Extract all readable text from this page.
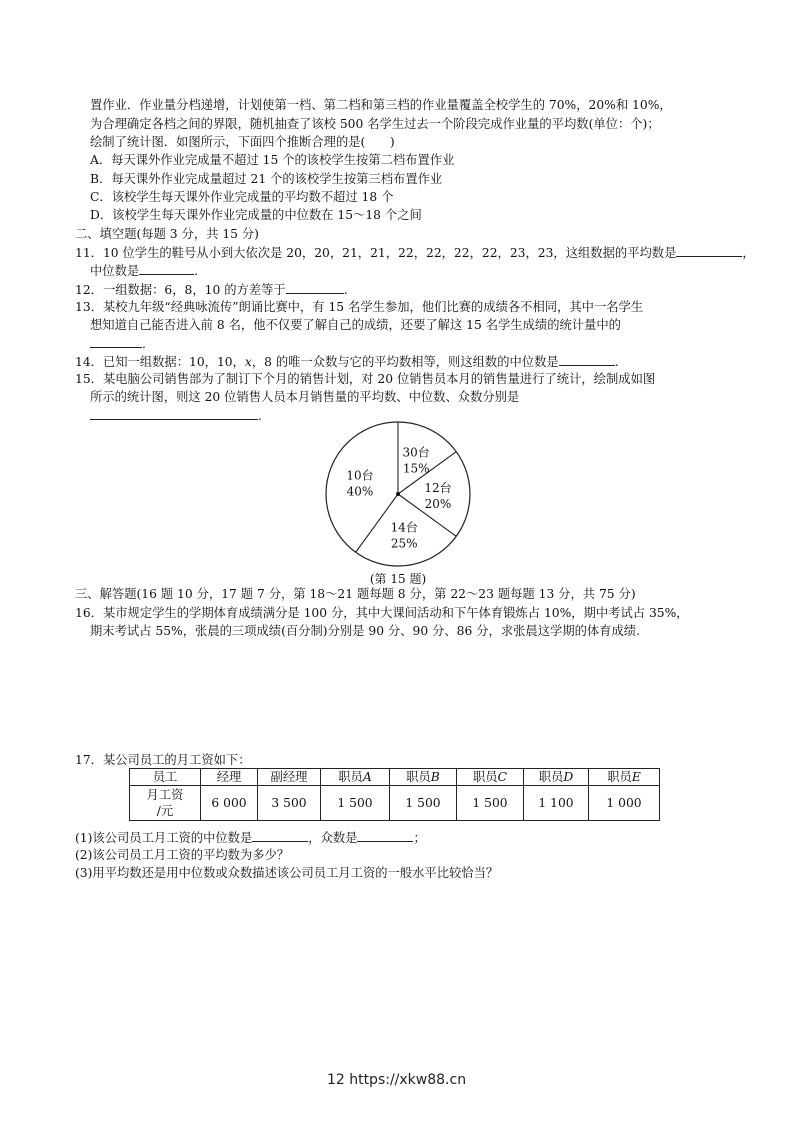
置作业．作业量分档递增，计划使第一档、第二档和第三档的作业量覆盖全校学生的 70%，20%和 10%，
为合理确定各档之间的界限，随机抽查了该校 500 名学生过去一个阶段完成作业量的平均数(单位：个)；
绘制了统计图．如图所示，下面四个推断合理的是(　　)
A．每天课外作业完成量不超过 15 个的该校学生按第二档布置作业
B．每天课外作业完成量超过 21 个的该校学生按第三档布置作业
C．该校学生每天课外作业完成量的平均数不超过 18 个
D．该校学生每天课外作业完成量的中位数在 15～18 个之间
二、填空题(每题 3 分，共 15 分)
11．10 位学生的鞋号从小到大依次是 20，20，21，21，22，22，22，22，23，23，这组数据的平均数是	，
中位数是	.
12．一组数据：6，8，10 的方差等于	.
13．某校九年级“经典咏流传”朗诵比赛中，有 15 名学生参加，他们比赛的成绩各不相同，其中一名学生
想知道自己能否进入前 8 名，他不仅要了解自己的成绩，还要了解这 15 名学生成绩的统计量中的
.
14．已知一组数据：10，10，x，8 的唯一众数与它的平均数相等，则这组数的中位数是	.
15．某电脑公司销售部为了制订下个月的销售计划，对 20 位销售员本月的销售量进行了统计，绘制成如图
所示的统计图，则这 20 位销售人员本月销售量的平均数、中位数、众数分别是
.
30台
15%
12台
20%
14台
25%
10台
40%
(第 15 题)
三、解答题(16 题 10 分，17 题 7 分，第 18～21 题每题 8 分，第 22～23 题每题 13 分，共 75 分)
16．某市规定学生的学期体育成绩满分是 100 分，其中大课间活动和下午体育锻炼占 10%，期中考试占 35%，
期末考试占 55%，张晨的三项成绩(百分制)分别是 90 分、90 分、86 分，求张晨这学期的体育成绩.
17．某公司员工的月工资如下：
员工	经理	副经理	职员A	职员B	职员C	职员D	职员E
月工资
/元	6 000	3 500	1 500	1 500	1 500	1 100	1 000
(1)该公司员工月工资的中位数是	，众数是	；
(2)该公司员工月工资的平均数为多少？
(3)用平均数还是用中位数或众数描述该公司员工月工资的一般水平比较恰当？
12 https://xkw88.cn
